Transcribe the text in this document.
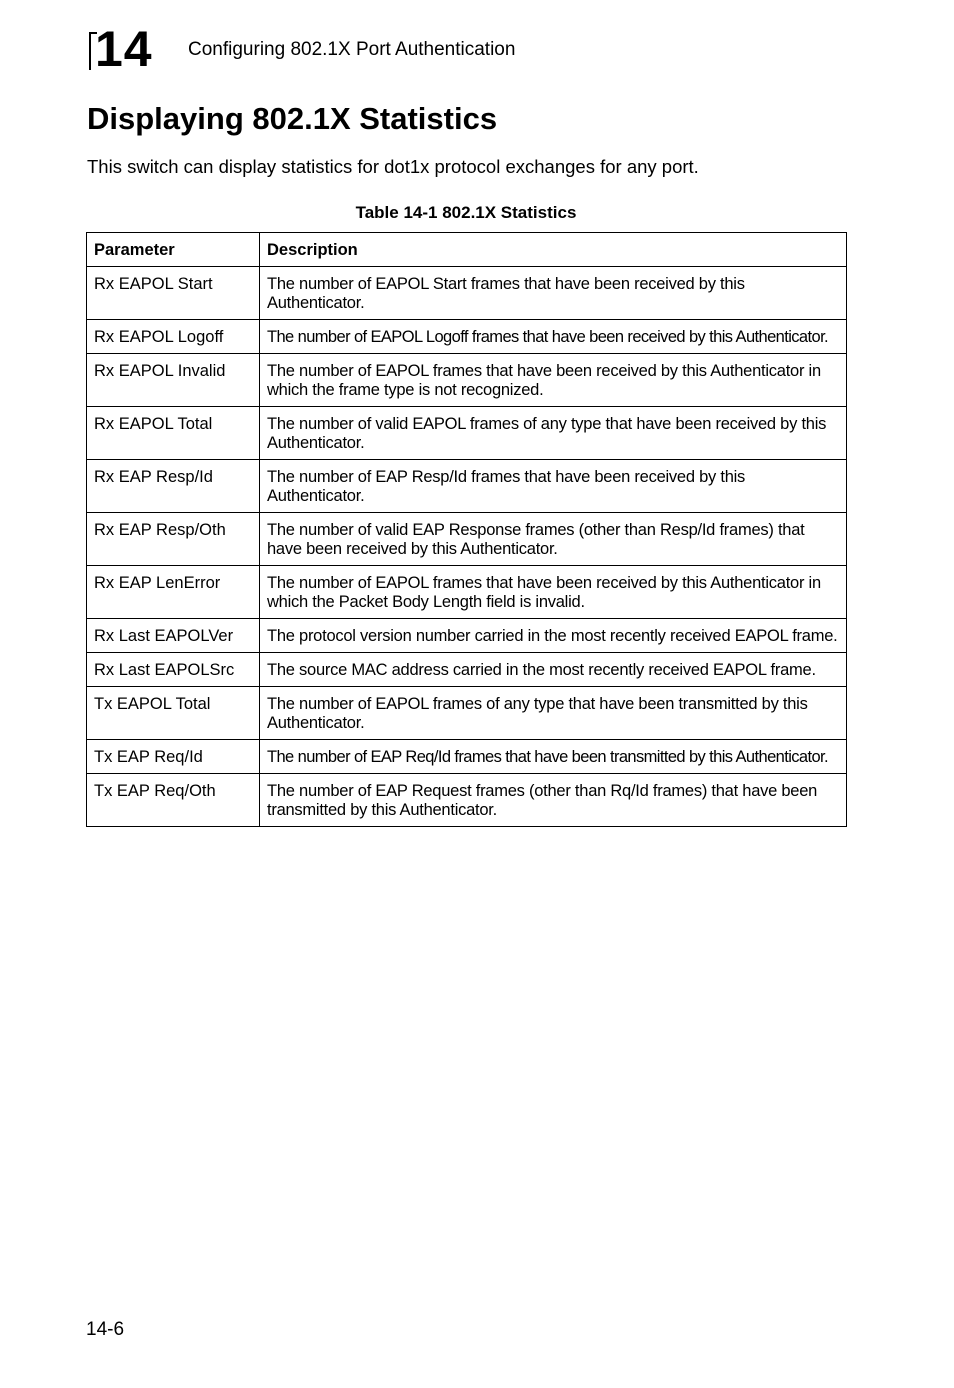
14 Configuring 802.1X Port Authentication
Displaying 802.1X Statistics

This switch can display statistics for dot1x protocol exchanges for any port.

Table 14-1 802.1X Statistics
Parameter	Description
Rx EAPOL Start	The number of EAPOL Start frames that have been received by this Authenticator.
Rx EAPOL Logoff	The number of EAPOL Logoff frames that have been received by this Authenticator.
Rx EAPOL Invalid	The number of EAPOL frames that have been received by this Authenticator in which the frame type is not recognized.
Rx EAPOL Total	The number of valid EAPOL frames of any type that have been received by this Authenticator.
Rx EAP Resp/Id	The number of EAP Resp/Id frames that have been received by this Authenticator.
Rx EAP Resp/Oth	The number of valid EAP Response frames (other than Resp/Id frames) that have been received by this Authenticator.
Rx EAP LenError	The number of EAPOL frames that have been received by this Authenticator in which the Packet Body Length field is invalid.
Rx Last EAPOLVer	The protocol version number carried in the most recently received EAPOL frame.
Rx Last EAPOLSrc	The source MAC address carried in the most recently received EAPOL frame.
Tx EAPOL Total	The number of EAPOL frames of any type that have been transmitted by this Authenticator.
Tx EAP Req/Id	The number of EAP Req/Id frames that have been transmitted by this Authenticator.
Tx EAP Req/Oth	The number of EAP Request frames (other than Rq/Id frames) that have been transmitted by this Authenticator.
14-6
